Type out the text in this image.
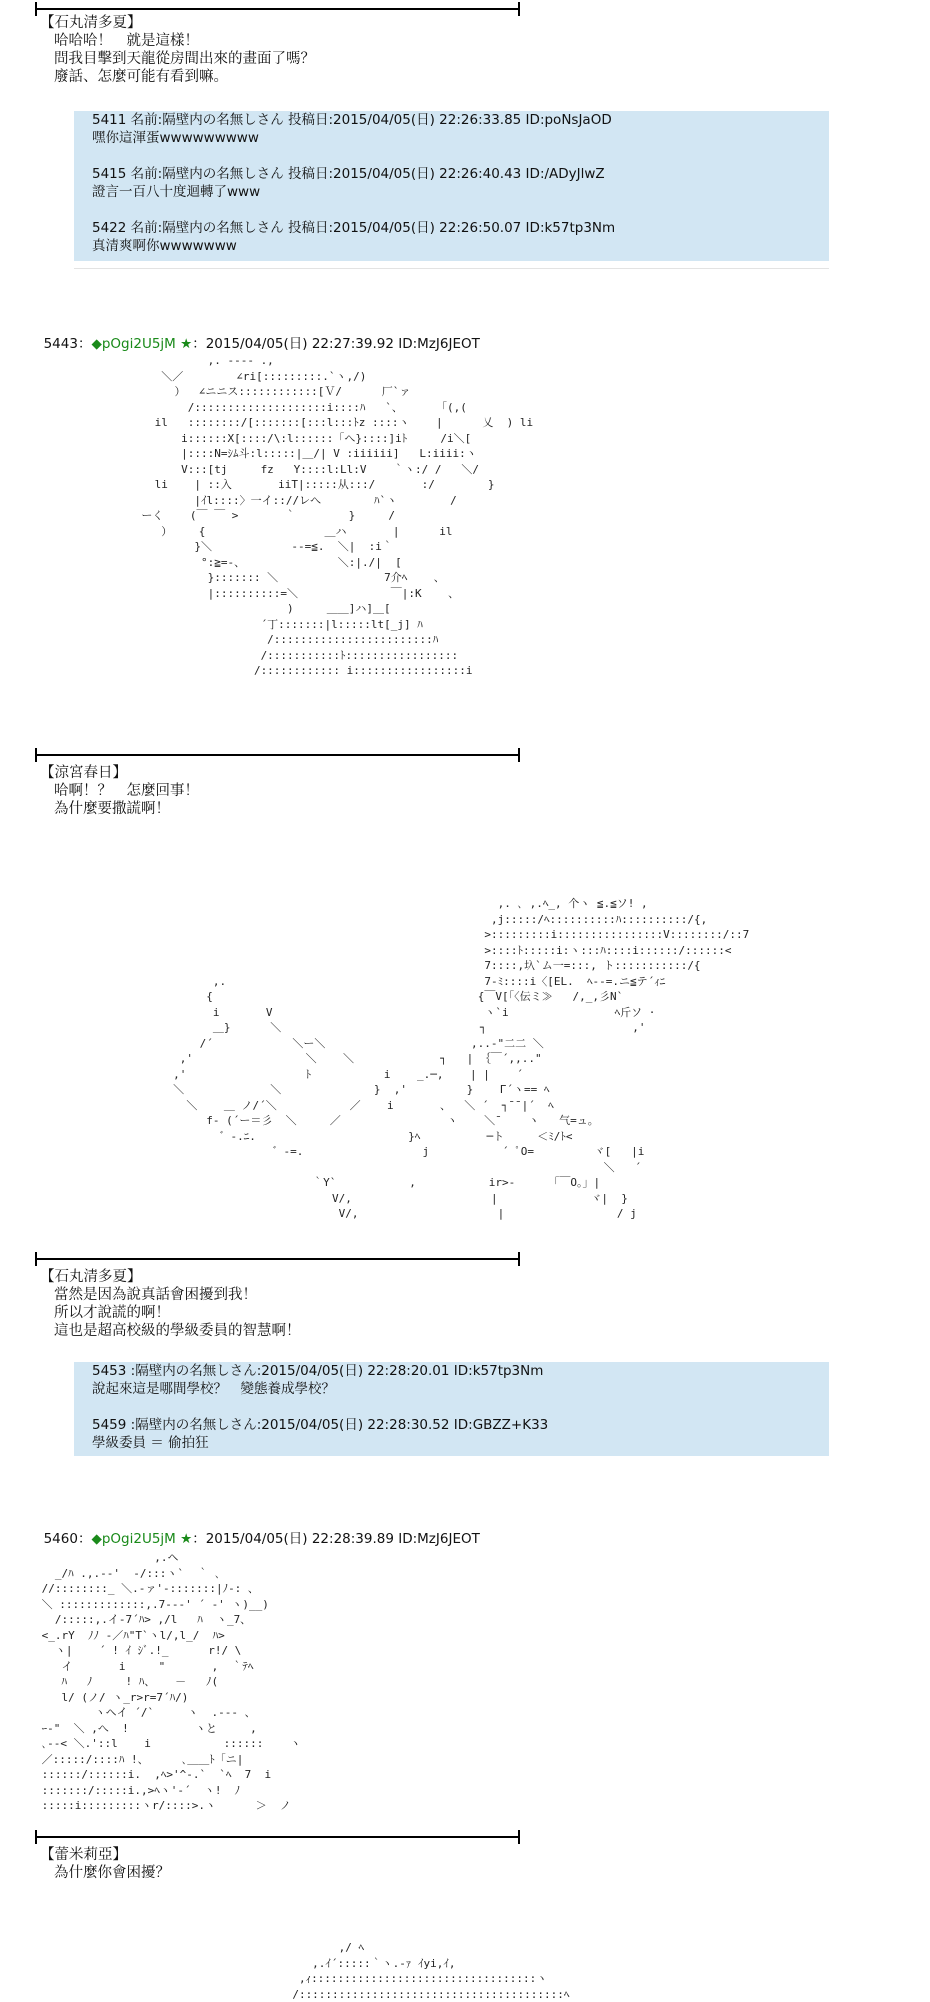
【石丸清多夏】
哈哈哈！　就是這樣！
問我目擊到天龍從房間出來的畫面了嗎？
廢話、怎麼可能有看到嘛。
5411 名前:隔壁内の名無しさん 投稿日:2015/04/05(日) 22:26:33.85 ID:poNsJaOD
嘿你這渾蛋wwwwwwwww
5415 名前:隔壁内の名無しさん 投稿日:2015/04/05(日) 22:26:40.43 ID:/ADyJlwZ
證言一百八十度迴轉了www
5422 名前:隔壁内の名無しさん 投稿日:2015/04/05(日) 22:26:50.07 ID:k57tp3Nm
真清爽啊你wwwwwww

5443：◆pOgi2U5jM ★：2015/04/05(日) 22:27:39.92 ID:MzJ6JEOT

,. -‐-- .,
＼／        ∠ri[:::::::::.`ヽ,/)
）  ∠ニニス::::::::::::[Ｖ/      厂`ァ
/::::::::::::::::::::i::::ﾊ   `、     「(,(
il   ::::::::/[:::::::[:::l:::ﾄz ::::ヽ    |      乂  ) li
i::::::X[::::/\:l::::::「へ}::::]iﾄ     /i＼[
|::::N=ｼﾑ斗:l:::::|＿/| V :iiiiii]   L:iiii:ヽ
V:::[tj     fz   Y::::l:Ll:V    ｀ヽ:/ /   ＼/
li    | ::入       iiT|:::::从:::/       :/        }
|ｲl::::〉一イ:://レへ        ﾊ`ヽ        /
ーく    (￣ ￣ >       ｀        }     /
）    {                  ＿ハ       |      il
}＼            --=≦.  ＼|  :i｀
°:≧=-、              ＼:|./|  [
}::::::: ＼                7介ﾍ    、
|::::::::::=＼              ￣|:K    、
)     ＿＿]ハ]＿[
´丁:::::::|l:::::lt[_j] ﾊ
/::::::::::::::::::::::::ﾊ
/:::::::::::ﾄ:::::::::::::::::
/:::::::::::: i:::::::::::::::::i
【涼宮春日】
哈啊！？　怎麼回事！
為什麼要撒謊啊！
,. ､ ,.ﾍ_, 个ヽ ≦.≦ソ! ,
,j:::::/ﾍ::::::::::ﾊ::::::::::/{,
>:::::::::i::::::::::::::::V::::::::/::7
>::::ﾄ:::::i:ヽ:::ﾊ::::i::::::/::::::<
7::::,圦`ム一=:::, ト:::::::::::/{
,.                                       7-ﾐ::::i〈[EL.  ﾍ--=.ニ≦テ´ｨﾆ
{                                        {￣V[「〈伝ミ≫   /,_,彡N`
i       V                                ヽ`i                ﾍ斤ソ ·
＿}      ＼                              ┐                      ,'
/´            ＼ー＼                      ,..-"二二 ＼
,'                 ＼    ＼             ┐   | ｛￣´,,.."
,'                  ﾄ           i    _.─,    | |    ´
＼             ＼              }  ,'         }    Γ´ヽ== ﾍ
＼    ＿ ノ/´＼           ／    i       、  ＼ ´  ┐¯¯|´  ﾍ
f- (´ー＝彡  ＼     ／                ヽ    ＼¯    ヽ   气=ュ。
゛-.ﾆ.                       }ﾍ          ─ト     ＜ﾐ/ﾄ<
゛-=.                  j           ´ ﾟO=         ヾ[   |i
＼   ´
｀Y`           ,           ir>-     「￣O｡」|
V/,                     |              ヾ|  }
V/,                     |                 / j
【石丸清多夏】
當然是因為說真話會困擾到我！
所以才說謊的啊！
這也是超高校級的學級委員的智慧啊！
5453 :隔壁内の名無しさん:2015/04/05(日) 22:28:20.01 ID:k57tp3Nm
說起來這是哪間學校？　變態養成學校？
5459 :隔壁内の名無しさん:2015/04/05(日) 22:28:30.52 ID:GBZZ+K33
學級委員 ＝ 偷拍狂

5460：◆pOgi2U5jM ★：2015/04/05(日) 22:28:39.89 ID:MzJ6JEOT

,.ヘ
_/ﾊ .,.-‐'  ‐/:::ヽ`  ｀ ､
//::::::::_ ＼.-ァ'-:::::::|ﾉ-: 、
＼ :::::::::::::,.7---' ´ -' ヽ)__)
/:::::,.イ-7´ﾊ> ,/l   ﾊ  ヽ_7、
<_.rY  ﾉﾉ -／ﾊ"T`ヽl/,l_/  ﾊ>
ヽ|    ´ ! ｲ ｼﾞ.!_      r!/ \
イ       i     "       ,  ｀ﾃﾍ
ﾊ   ﾉ     ! ﾊ、   －   ﾉ(
l/ (ノ/ ヽ_r>r=7´ﾊ/)
ヽヘイ ´/`     ヽ  .-‐- 、
ｰ‐"  ＼ ,へ  !          ヽと     ,
､‐-< ＼.'::l    i           ::::::    ヽ
／:::::/::::ﾊ !、     ､＿＿ﾄ「ニ|
::::::/::::::i.  ,ﾍ>'^-.`  `ﾍ  7  i
:::::::/:::::i.,>ﾍヽ'-´  ヽ!  ﾉ
:::::i:::::::::ヽr/::::>.ヽ      ＞  ノ
【蕾米莉亞】
為什麼你會困擾？
,/ ﾍ
,.ｲ´:::::｀ヽ.-ｧ ｲyi,ｲ,
,ｨ::::::::::::::::::::::::::::::::::ヽ
/::::::::::::::::::::::::::::::::::::::::ﾍ
